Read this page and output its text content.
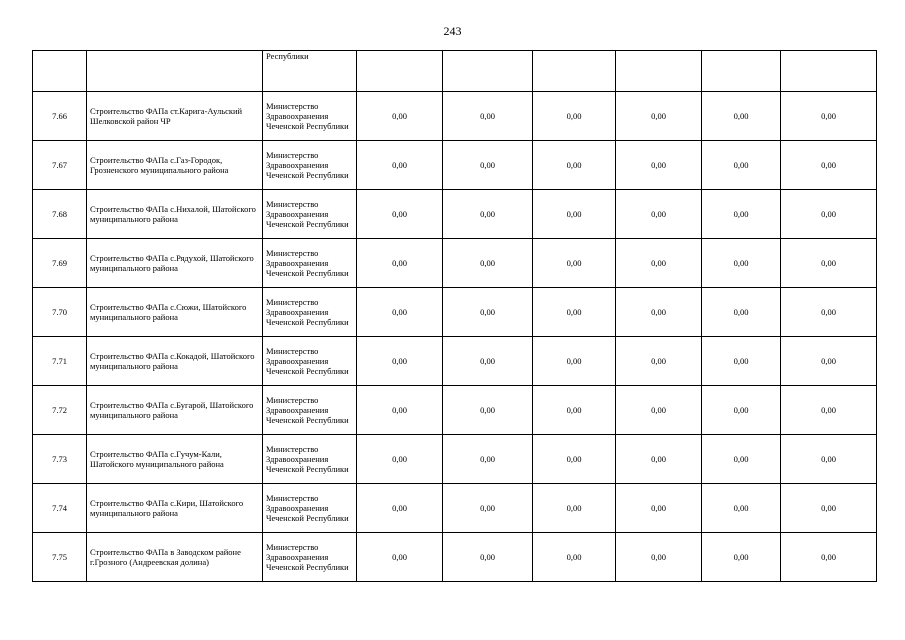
243
		Республики						
7.66	Строительство ФАПа ст.Карига-Аульский Шелковской район ЧР	Министерство Здравоохранения Чеченской Республики	0,00	0,00	0,00	0,00	0,00	0,00
7.67	Строительство ФАПа с.Газ-Городок, Грозненского муниципального района	Министерство Здравоохранения Чеченской Республики	0,00	0,00	0,00	0,00	0,00	0,00
7.68	Строительство ФАПа с.Нихалой, Шатойского муниципального района	Министерство Здравоохранения Чеченской Республики	0,00	0,00	0,00	0,00	0,00	0,00
7.69	Строительство ФАПа с.Рядухой, Шатойского муниципального района	Министерство Здравоохранения Чеченской Республики	0,00	0,00	0,00	0,00	0,00	0,00
7.70	Строительство ФАПа с.Сюжи, Шатойского муниципального района	Министерство Здравоохранения Чеченской Республики	0,00	0,00	0,00	0,00	0,00	0,00
7.71	Строительство ФАПа с.Кокадой, Шатойского муниципального района	Министерство Здравоохранения Чеченской Республики	0,00	0,00	0,00	0,00	0,00	0,00
7.72	Строительство ФАПа с.Бугарой, Шатойского муниципального района	Министерство Здравоохранения Чеченской Республики	0,00	0,00	0,00	0,00	0,00	0,00
7.73	Строительство ФАПа с.Гучум-Кали, Шатойского муниципального района	Министерство Здравоохранения Чеченской Республики	0,00	0,00	0,00	0,00	0,00	0,00
7.74	Строительство ФАПа с.Кири, Шатойского муниципального района	Министерство Здравоохранения Чеченской Республики	0,00	0,00	0,00	0,00	0,00	0,00
7.75	Строительство ФАПа в Заводском районе г.Грозного (Андреевская долина)	Министерство Здравоохранения Чеченской Республики	0,00	0,00	0,00	0,00	0,00	0,00
